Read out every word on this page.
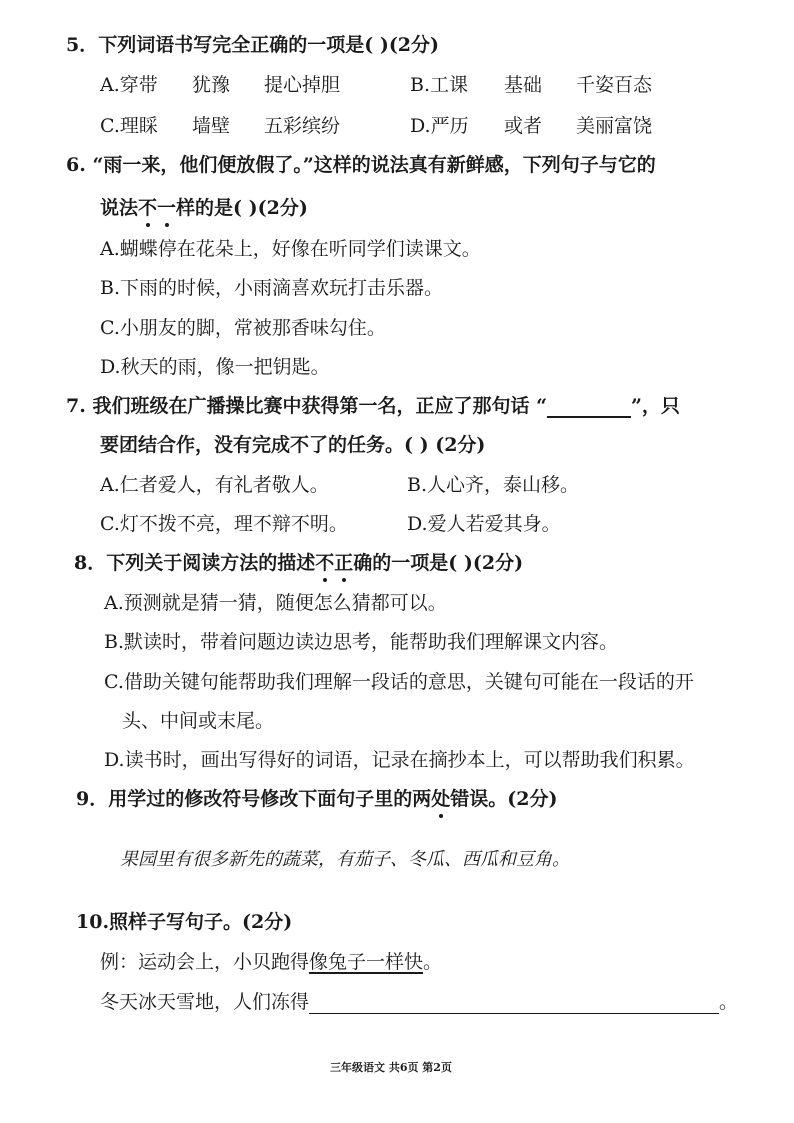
5．下列词语书写完全正确的一项是( )(2分)
A.穿带 犹豫 提心掉胆	B.工课 基础 千姿百态
C.理睬 墙壁 五彩缤纷	D.严历 或者 美丽富饶
6. “雨一来，他们便放假了。”这样的说法真有新鲜感，下列句子与它的
说法不一样的是( )(2分)
A.蝴蝶停在花朵上，好像在听同学们读课文。
B.下雨的时候，小雨滴喜欢玩打击乐器。
C.小朋友的脚，常被那香味勾住。
D.秋天的雨，像一把钥匙。
7. 我们班级在广播操比赛中获得第一名，正应了那句话 “	”，只
要团结合作，没有完成不了的任务。( ) (2分)
A.仁者爱人，有礼者敬人。	B.人心齐，泰山移。
C.灯不拨不亮，理不辩不明。	D.爱人若爱其身。
8．下列关于阅读方法的描述不正确的一项是( )(2分)
A.预测就是猜一猜，随便怎么猜都可以。
B.默读时，带着问题边读边思考，能帮助我们理解课文内容。
C.借助关键句能帮助我们理解一段话的意思，关键句可能在一段话的开
头、中间或末尾。
D.读书时，画出写得好的词语，记录在摘抄本上，可以帮助我们积累。
9．用学过的修改符号修改下面句子里的两处错误。(2分)
果园里有很多新先的蔬菜，有茄子、冬瓜、西瓜和豆角。
10.照样子写句子。(2分)
例：运动会上，小贝跑得像兔子一样快。
冬天冰天雪地，人们冻得	。
三年级语文 共6页 第2页
